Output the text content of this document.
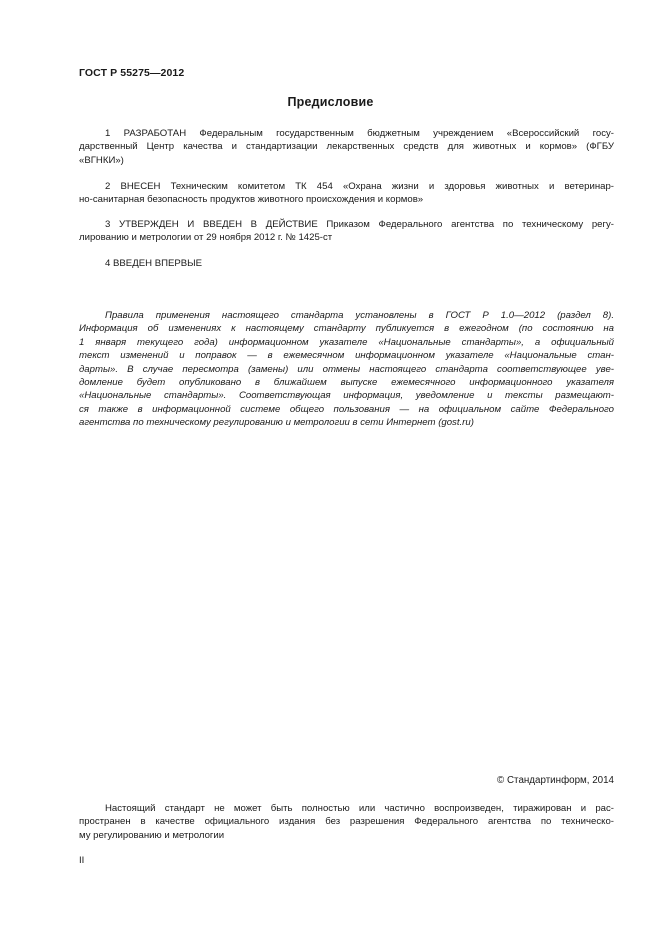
ГОСТ Р 55275—2012
Предисловие

1 РАЗРАБОТАН Федеральным государственным бюджетным учреждением «Всероссийский госу-
дарственный Центр качества и стандартизации лекарственных средств для животных и кормов» (ФГБУ
«ВГНКИ»)

2 ВНЕСЕН Техническим комитетом ТК 454 «Охрана жизни и здоровья животных и ветеринар-
но-санитарная безопасность продуктов животного происхождения и кормов»

3 УТВЕРЖДЕН И ВВЕДЕН В ДЕЙСТВИЕ Приказом Федерального агентства по техническому регу-
лированию и метрологии от 29 ноября 2012 г. № 1425-ст

4 ВВЕДЕН ВПЕРВЫЕ

Правила применения настоящего стандарта установлены в ГОСТ Р 1.0—2012 (раздел 8).
Информация об изменениях к настоящему стандарту публикуется в ежегодном (по состоянию на
1 января текущего года) информационном указателе «Национальные стандарты», а официальный
текст изменений и поправок — в ежемесячном информационном указателе «Национальные стан-
дарты». В случае пересмотра (замены) или отмены настоящего стандарта соответствующее уве-
домление будет опубликовано в ближайшем выпуске ежемесячного информационного указателя
«Национальные стандарты». Соответствующая информация, уведомление и тексты размещают-
ся также в информационной системе общего пользования — на официальном сайте Федерального
агентства по техническому регулированию и метрологии в сети Интернет (gost.ru)

© Стандартинформ, 2014

Настоящий стандарт не может быть полностью или частично воспроизведен, тиражирован и рас-
пространен в качестве официального издания без разрешения Федерального агентства по техническо-
му регулированию и метрологии

II
